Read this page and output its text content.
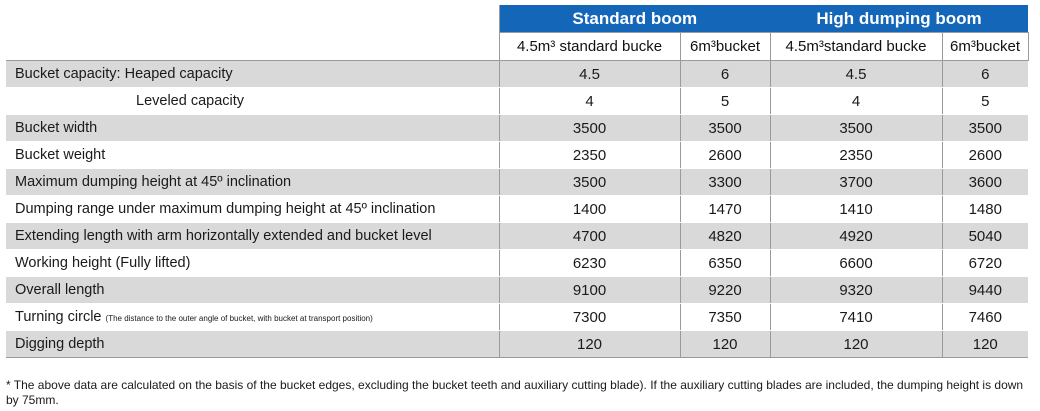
	Standard boom		High dumping boom	
	4.5m³ standard bucke	6m³bucket	4.5m³standard bucke	6m³bucket
Bucket capacity: Heaped capacity	4.5	6	4.5	6
Leveled capacity	4	5	4	5
Bucket width	3500	3500	3500	3500
Bucket weight	2350	2600	2350	2600
Maximum dumping height at 45º inclination	3500	3300	3700	3600
Dumping range under maximum dumping height at 45º inclination	1400	1470	1410	1480
Extending length with arm horizontally extended and bucket level	4700	4820	4920	5040
Working height (Fully lifted)	6230	6350	6600	6720
Overall length	9100	9220	9320	9440
Turning circle (The distance to the outer angle of bucket, with bucket at transport position)	7300	7350	7410	7460
Digging depth	120	120	120	120
* The above data are calculated on the basis of the bucket edges, excluding the bucket teeth and auxiliary cutting blade). If the auxiliary cutting blades are included, the dumping height is down by 75mm.
